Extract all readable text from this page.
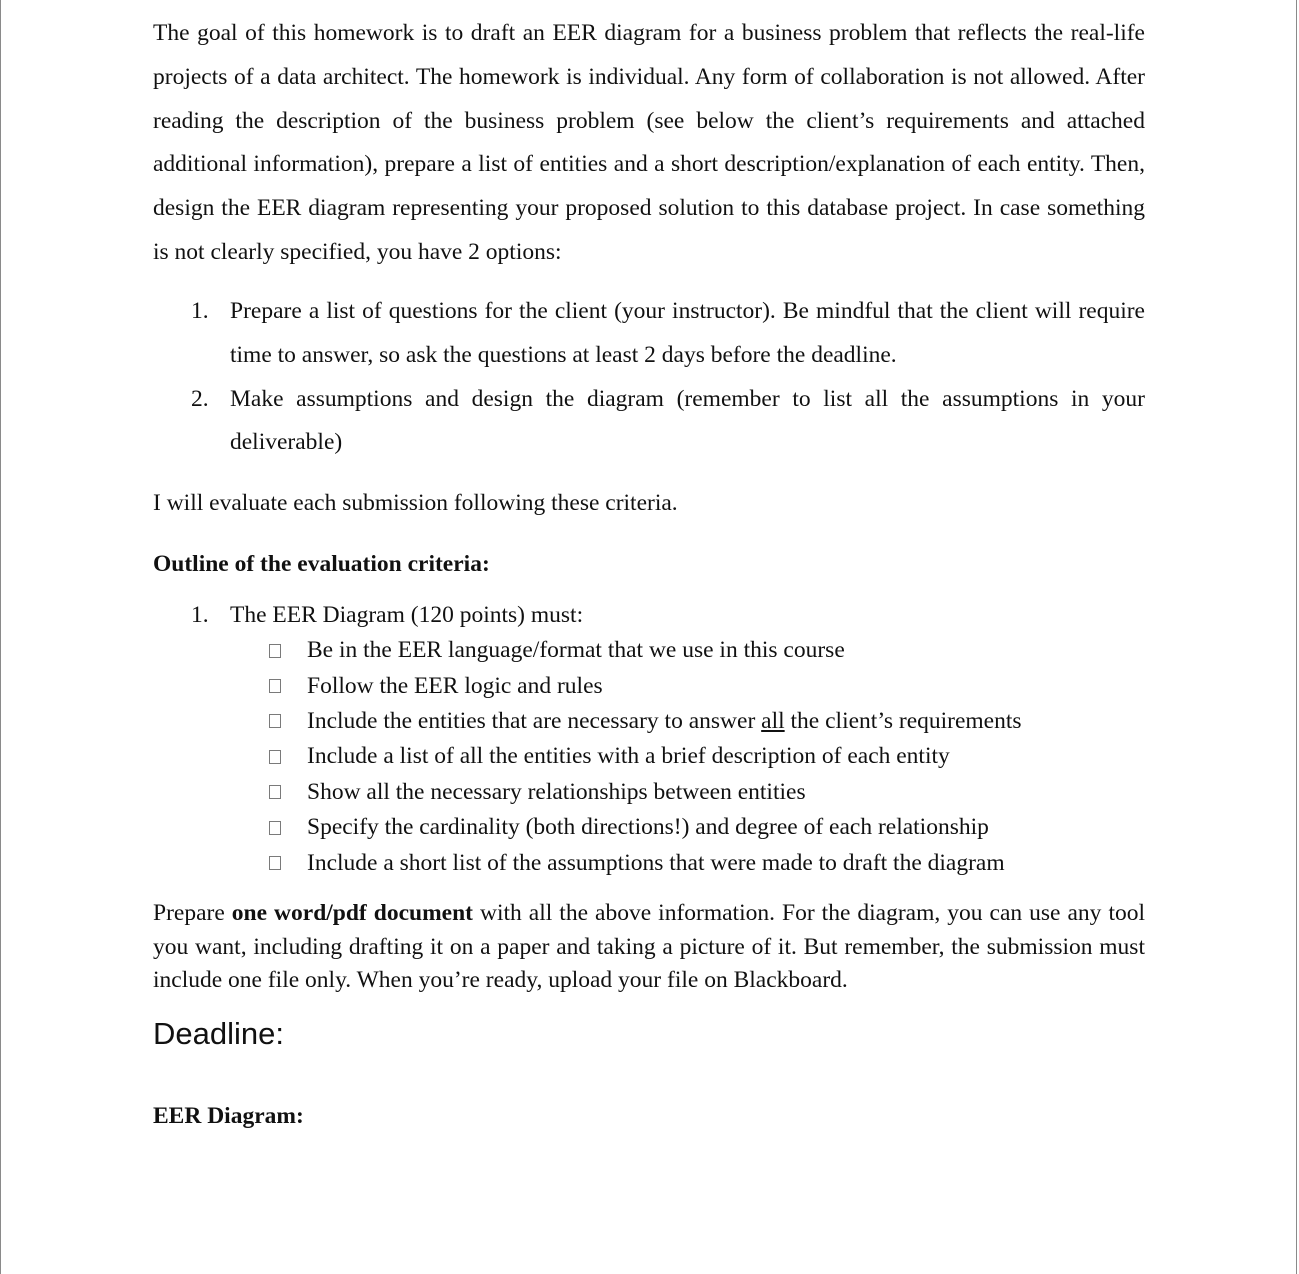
The goal of this homework is to draft an EER diagram for a business problem that reflects the real-life projects of a data architect. The homework is individual. Any form of collaboration is not allowed. After reading the description of the business problem (see below the client’s requirements and attached additional information), prepare a list of entities and a short description/explanation of each entity. Then, design the EER diagram representing your proposed solution to this database project. In case something is not clearly specified, you have 2 options:

1. Prepare a list of questions for the client (your instructor). Be mindful that the client will require time to answer, so ask the questions at least 2 days before the deadline.
2. Make assumptions and design the diagram (remember to list all the assumptions in your deliverable)

I will evaluate each submission following these criteria.

Outline of the evaluation criteria:

1. The EER Diagram (120 points) must:
Be in the EER language/format that we use in this course
Follow the EER logic and rules
Include the entities that are necessary to answer all the client’s requirements
Include a list of all the entities with a brief description of each entity
Show all the necessary relationships between entities
Specify the cardinality (both directions!) and degree of each relationship
Include a short list of the assumptions that were made to draft the diagram

Prepare one word/pdf document with all the above information. For the diagram, you can use any tool you want, including drafting it on a paper and taking a picture of it. But remember, the submission must include one file only. When you’re ready, upload your file on Blackboard.

Deadline:

EER Diagram:
